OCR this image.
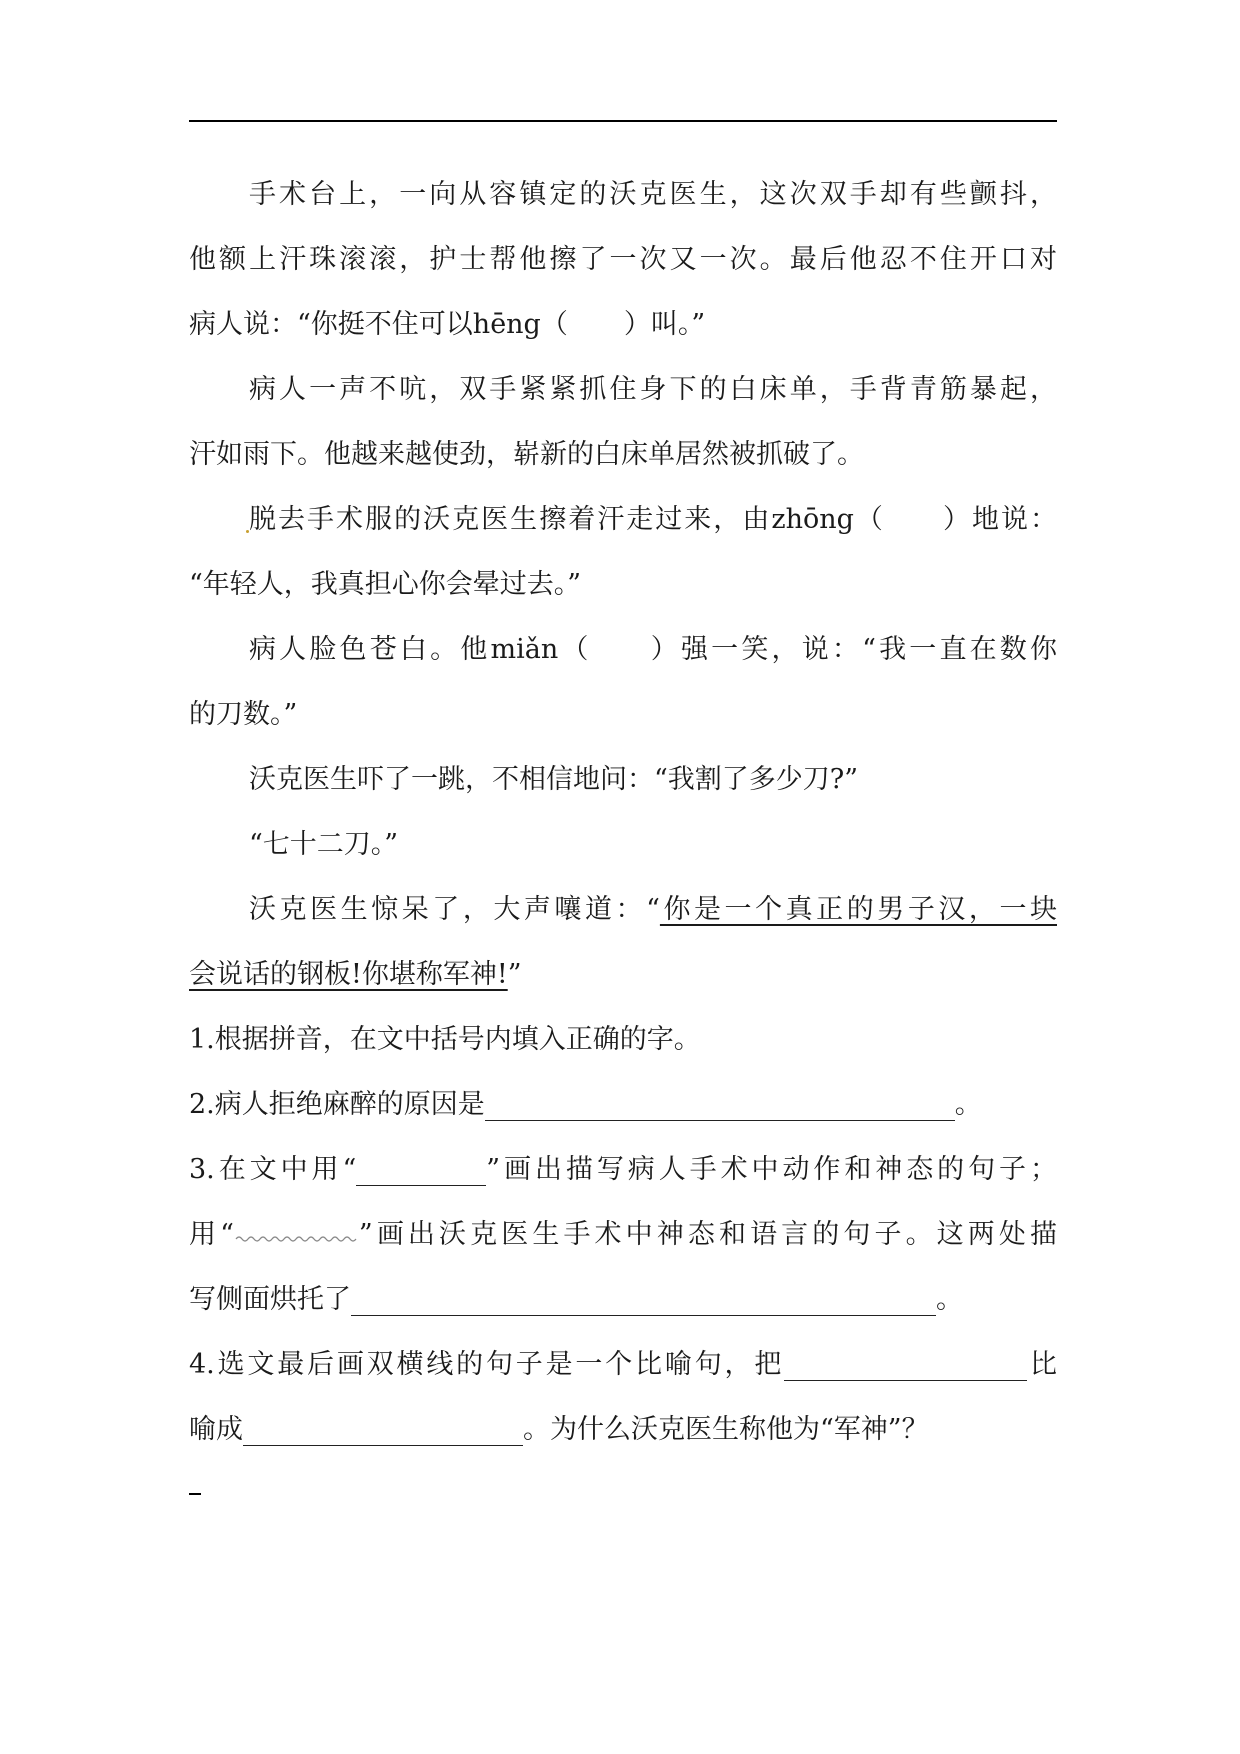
手术台上，一向从容镇定的沃克医生，这次双手却有些颤抖，
他额上汗珠滚滚，护士帮他擦了一次又一次。最后他忍不住开口对
病人说：“你挺不住可以hēng（ ）叫。”
病人一声不吭，双手紧紧抓住身下的白床单，手背青筋暴起，
汗如雨下。他越来越使劲，崭新的白床单居然被抓破了。
脱去手术服的沃克医生擦着汗走过来，由zhōng（ ）地说：
“年轻人，我真担心你会晕过去。”
病人脸色苍白。他miǎn（ ）强一笑，说：“我一直在数你
的刀数。”
沃克医生吓了一跳，不相信地问：“我割了多少刀?”
“七十二刀。”
沃克医生惊呆了，大声嚷道：“你是一个真正的男子汉，一块
会说话的钢板!你堪称军神!”
1.根据拼音，在文中括号内填入正确的字。
2.病人拒绝麻醉的原因是	。
3.在文中用“	”画出描写病人手术中动作和神态的句子；
用“	”画出沃克医生手术中神态和语言的句子。这两处描
写侧面烘托了	。
4.选文最后画双横线的句子是一个比喻句，把	比
喻成	。为什么沃克医生称他为“军神”？
